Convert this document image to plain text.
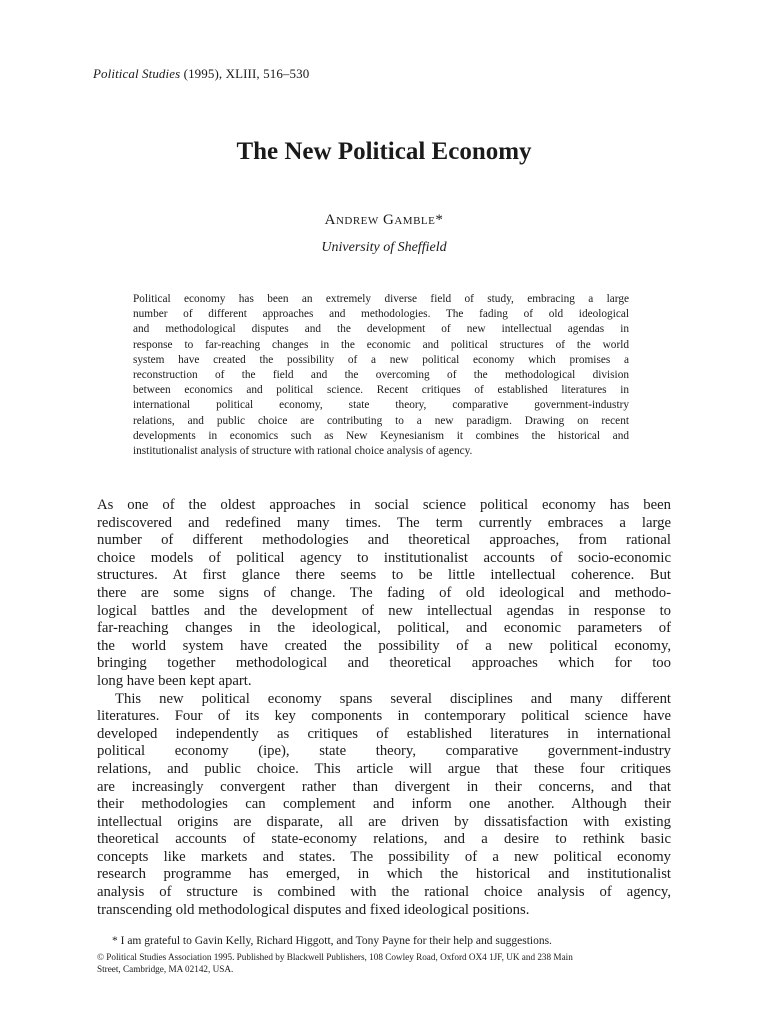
Political Studies (1995), XLIII, 516–530
The New Political Economy
Andrew Gamble*
University of Sheffield
Political economy has been an extremely diverse field of study, embracing a large
number of different approaches and methodologies. The fading of old ideological
and methodological disputes and the development of new intellectual agendas in
response to far-reaching changes in the economic and political structures of the world
system have created the possibility of a new political economy which promises a
reconstruction of the field and the overcoming of the methodological division
between economics and political science. Recent critiques of established literatures in
international political economy, state theory, comparative government-industry
relations, and public choice are contributing to a new paradigm. Drawing on recent
developments in economics such as New Keynesianism it combines the historical and
institutionalist analysis of structure with rational choice analysis of agency.
As one of the oldest approaches in social science political economy has been
rediscovered and redefined many times. The term currently embraces a large
number of different methodologies and theoretical approaches, from rational
choice models of political agency to institutionalist accounts of socio-economic
structures. At first glance there seems to be little intellectual coherence. But
there are some signs of change. The fading of old ideological and methodo-
logical battles and the development of new intellectual agendas in response to
far-reaching changes in the ideological, political, and economic parameters of
the world system have created the possibility of a new political economy,
bringing together methodological and theoretical approaches which for too
long have been kept apart.
This new political economy spans several disciplines and many different
literatures. Four of its key components in contemporary political science have
developed independently as critiques of established literatures in international
political economy (ipe), state theory, comparative government-industry
relations, and public choice. This article will argue that these four critiques
are increasingly convergent rather than divergent in their concerns, and that
their methodologies can complement and inform one another. Although their
intellectual origins are disparate, all are driven by dissatisfaction with existing
theoretical accounts of state-economy relations, and a desire to rethink basic
concepts like markets and states. The possibility of a new political economy
research programme has emerged, in which the historical and institutionalist
analysis of structure is combined with the rational choice analysis of agency,
transcending old methodological disputes and fixed ideological positions.
* I am grateful to Gavin Kelly, Richard Higgott, and Tony Payne for their help and suggestions.
© Political Studies Association 1995. Published by Blackwell Publishers, 108 Cowley Road, Oxford OX4 1JF, UK and 238 Main
Street, Cambridge, MA 02142, USA.
